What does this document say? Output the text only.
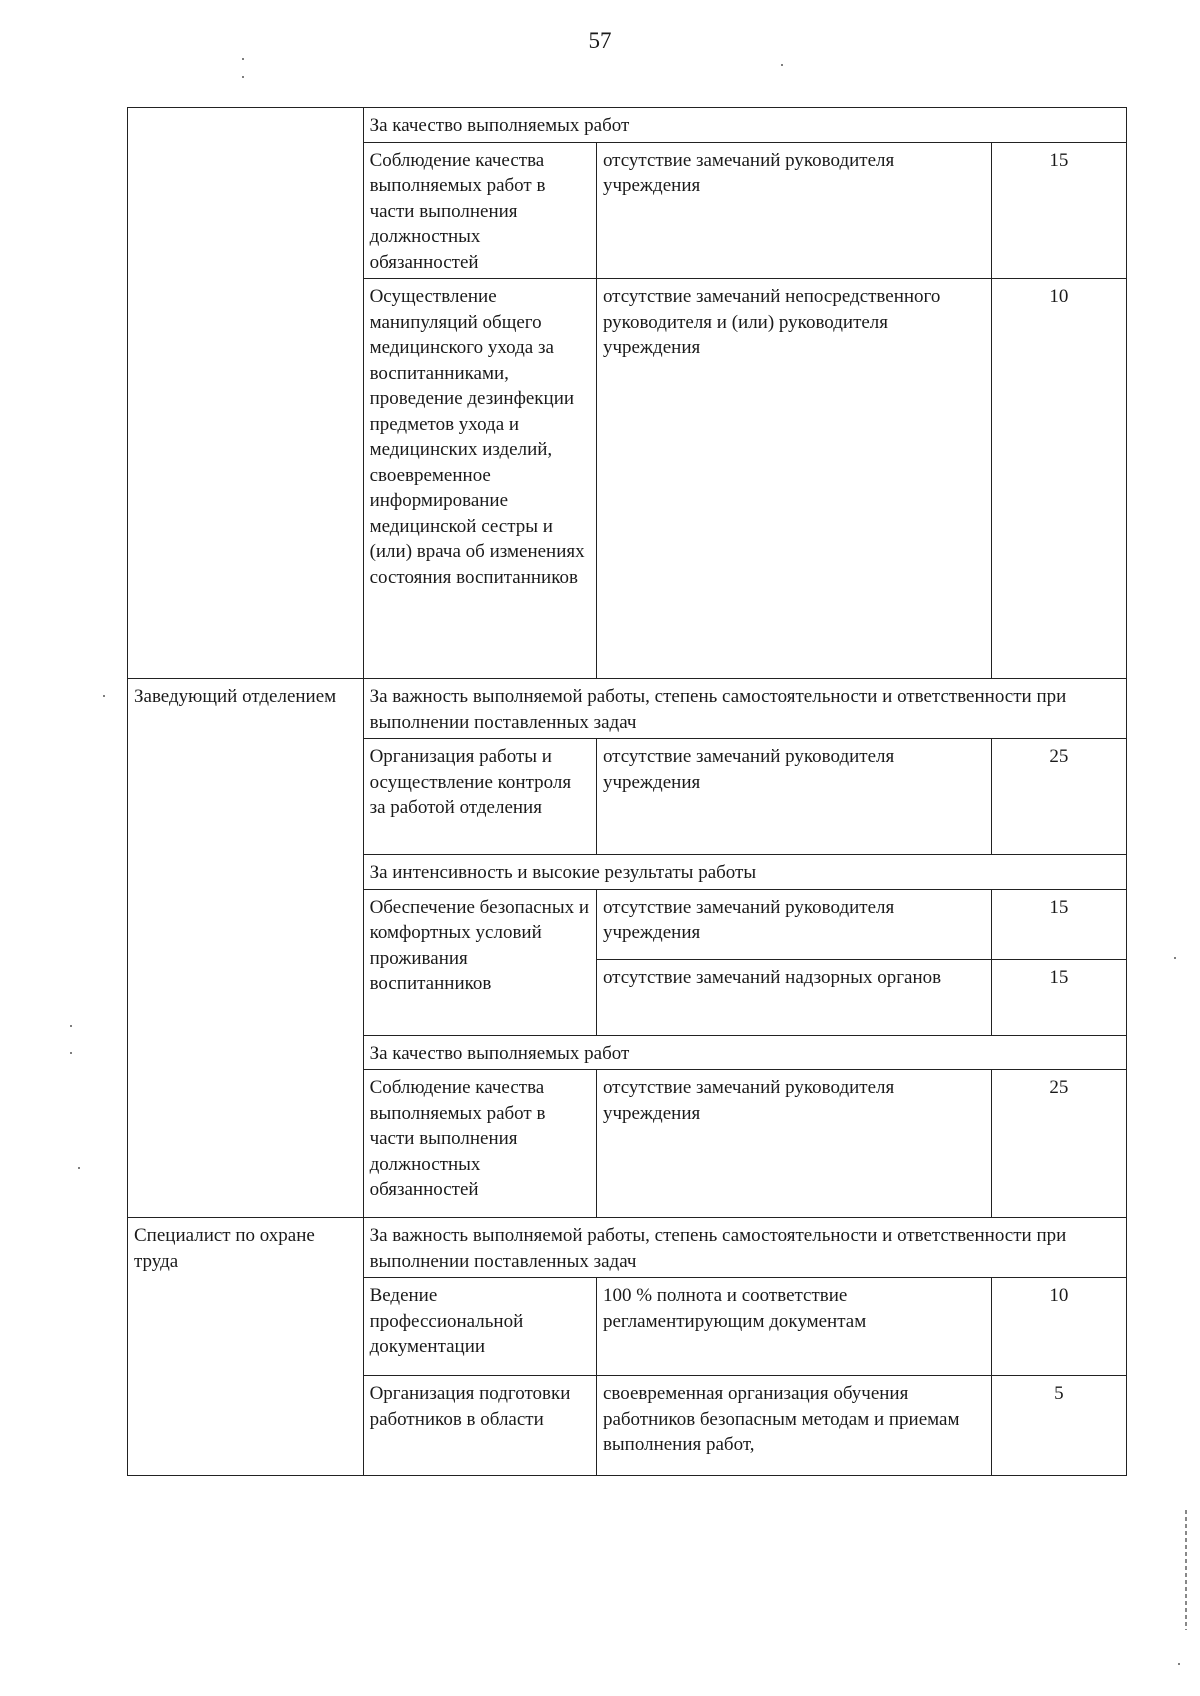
57
	За качество выполняемых работ		
	Соблюдение качества выполняемых работ в части выполнения должностных обязанностей	отсутствие замечаний руководителя учреждения	15
	Осуществление манипуляций общего медицинского ухода за воспитанниками, проведение дезинфекции предметов ухода и медицинских изделий, своевременное информирование медицинской сестры и (или) врача об изменениях состояния воспитанников	отсутствие замечаний непосредственного руководителя и (или) руководителя учреждения	10
Заведующий отделением	За важность выполняемой работы, степень самостоятельности и ответственности при выполнении поставленных задач		
	Организация работы и осуществление контроля за работой отделения	отсутствие замечаний руководителя учреждения	25
	За интенсивность и высокие результаты работы		
	Обеспечение безопасных и комфортных условий проживания воспитанников	отсутствие замечаний руководителя учреждения	15
		отсутствие замечаний надзорных органов	15
	За качество выполняемых работ		
	Соблюдение качества выполняемых работ в части выполнения должностных обязанностей	отсутствие замечаний руководителя учреждения	25
Специалист по охране труда	За важность выполняемой работы, степень самостоятельности и ответственности при выполнении поставленных задач		
	Ведение профессиональной документации	100 % полнота и соответствие регламентирующим документам	10
	Организация подготовки работников в области	своевременная организация обучения работников безопасным методам и приемам выполнения работ,	5
